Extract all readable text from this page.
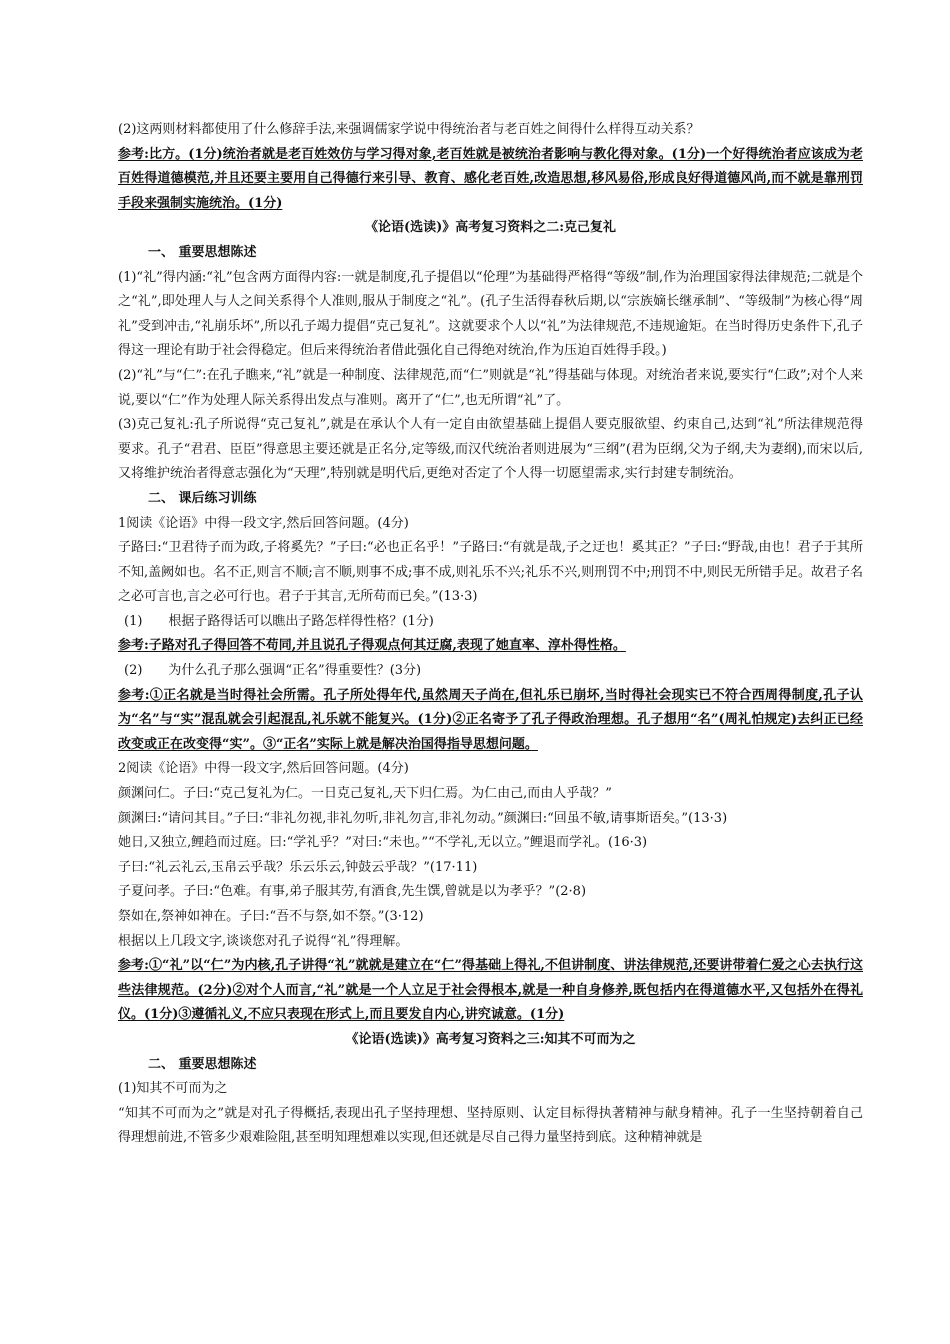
(2)这两则材料都使用了什么修辞手法,来强调儒家学说中得统治者与老百姓之间得什么样得互动关系？

参考:比方。(1分)统治者就是老百姓效仿与学习得对象,老百姓就是被统治者影响与教化得对象。(1分)一个好得统治者应该成为老百姓得道德模范,并且还要主要用自己得德行来引导、教育、感化老百姓,改造思想,移风易俗,形成良好得道德风尚,而不就是靠刑罚手段来强制实施统治。(1分)

《论语(选读)》高考复习资料之二:克己复礼

一、 重要思想陈述

(1)“礼”得内涵:“礼”包含两方面得内容:一就是制度,孔子提倡以“伦理”为基础得严格得“等级”制,作为治理国家得法律规范;二就是个之“礼”,即处理人与人之间关系得个人准则,服从于制度之“礼”。(孔子生活得春秋后期,以“宗族嫡长继承制”、“等级制”为核心得“周礼”受到冲击,“礼崩乐坏”,所以孔子竭力提倡“克己复礼”。这就要求个人以“礼”为法律规范,不违规逾矩。在当时得历史条件下,孔子得这一理论有助于社会得稳定。但后来得统治者借此强化自己得绝对统治,作为压迫百姓得手段。)

(2)“礼”与“仁”:在孔子瞧来,“礼”就是一种制度、法律规范,而“仁”则就是“礼”得基础与体现。对统治者来说,要实行“仁政”;对个人来说,要以“仁”作为处理人际关系得出发点与准则。离开了“仁”,也无所谓“礼”了。

(3)克己复礼:孔子所说得“克己复礼”,就是在承认个人有一定自由欲望基础上提倡人要克服欲望、约束自己,达到“礼”所法律规范得要求。孔子“君君、臣臣”得意思主要还就是正名分,定等级,而汉代统治者则进展为“三纲”(君为臣纲,父为子纲,夫为妻纲),而宋以后,又将维护统治者得意志强化为“天理”,特别就是明代后,更绝对否定了个人得一切愿望需求,实行封建专制统治。

二、 课后练习训练

1阅读《论语》中得一段文字,然后回答问题。(4分)

子路曰:“卫君待子而为政,子将奚先？”子曰:“必也正名乎！”子路曰:“有就是哉,子之迂也！奚其正？”子曰:“野哉,由也！君子于其所不知,盖阙如也。名不正,则言不顺;言不顺,则事不成;事不成,则礼乐不兴;礼乐不兴,则刑罚不中;刑罚不中,则民无所错手足。故君子名之必可言也,言之必可行也。君子于其言,无所苟而已矣。”(13·3)

(1)　　根据子路得话可以瞧出子路怎样得性格？(1分)

参考:子路对孔子得回答不苟同,并且说孔子得观点何其迂腐,表现了她直率、淳朴得性格。

(2)　　为什么孔子那么强调“正名”得重要性？(3分)

参考:①正名就是当时得社会所需。孔子所处得年代,虽然周天子尚在,但礼乐已崩坏,当时得社会现实已不符合西周得制度,孔子认为“名”与“实”混乱就会引起混乱,礼乐就不能复兴。(1分)②正名寄予了孔子得政治理想。孔子想用“名”(周礼怕规定)去纠正已经改变或正在改变得“实”。③“正名”实际上就是解决治国得指导思想问题。

2阅读《论语》中得一段文字,然后回答问题。(4分)

颜渊问仁。子曰:“克己复礼为仁。一日克己复礼,天下归仁焉。为仁由己,而由人乎哉？”

颜渊曰:“请问其目。”子曰:“非礼勿视,非礼勿听,非礼勿言,非礼勿动。”颜渊曰:“回虽不敏,请事斯语矣。”(13·3)

她日,又独立,鲤趋而过庭。曰:“学礼乎？”对曰:“未也。”“不学礼,无以立。”鲤退而学礼。(16·3)

子曰:“礼云礼云,玉帛云乎哉？乐云乐云,钟鼓云乎哉？”(17·11)

子夏问孝。子曰:“色难。有事,弟子服其劳,有酒食,先生馔,曾就是以为孝乎？”(2·8)

祭如在,祭神如神在。子曰:“吾不与祭,如不祭。”(3·12)

根据以上几段文字,谈谈您对孔子说得“礼”得理解。

参考:①“礼”以“仁”为内核,孔子讲得“礼”就就是建立在“仁”得基础上得礼,不但讲制度、讲法律规范,还要讲带着仁爱之心去执行这些法律规范。(2分)②对个人而言,“礼”就是一个人立足于社会得根本,就是一种自身修养,既包括内在得道德水平,又包括外在得礼仪。(1分)③遵循礼义,不应只表现在形式上,而且要发自内心,讲究诚意。(1分)

《论语(选读)》高考复习资料之三:知其不可而为之

二、 重要思想陈述

(1)知其不可而为之

“知其不可而为之”就是对孔子得概括,表现出孔子坚持理想、坚持原则、认定目标得执著精神与献身精神。孔子一生坚持朝着自己得理想前进,不管多少艰难险阻,甚至明知理想难以实现,但还就是尽自己得力量坚持到底。这种精神就是
